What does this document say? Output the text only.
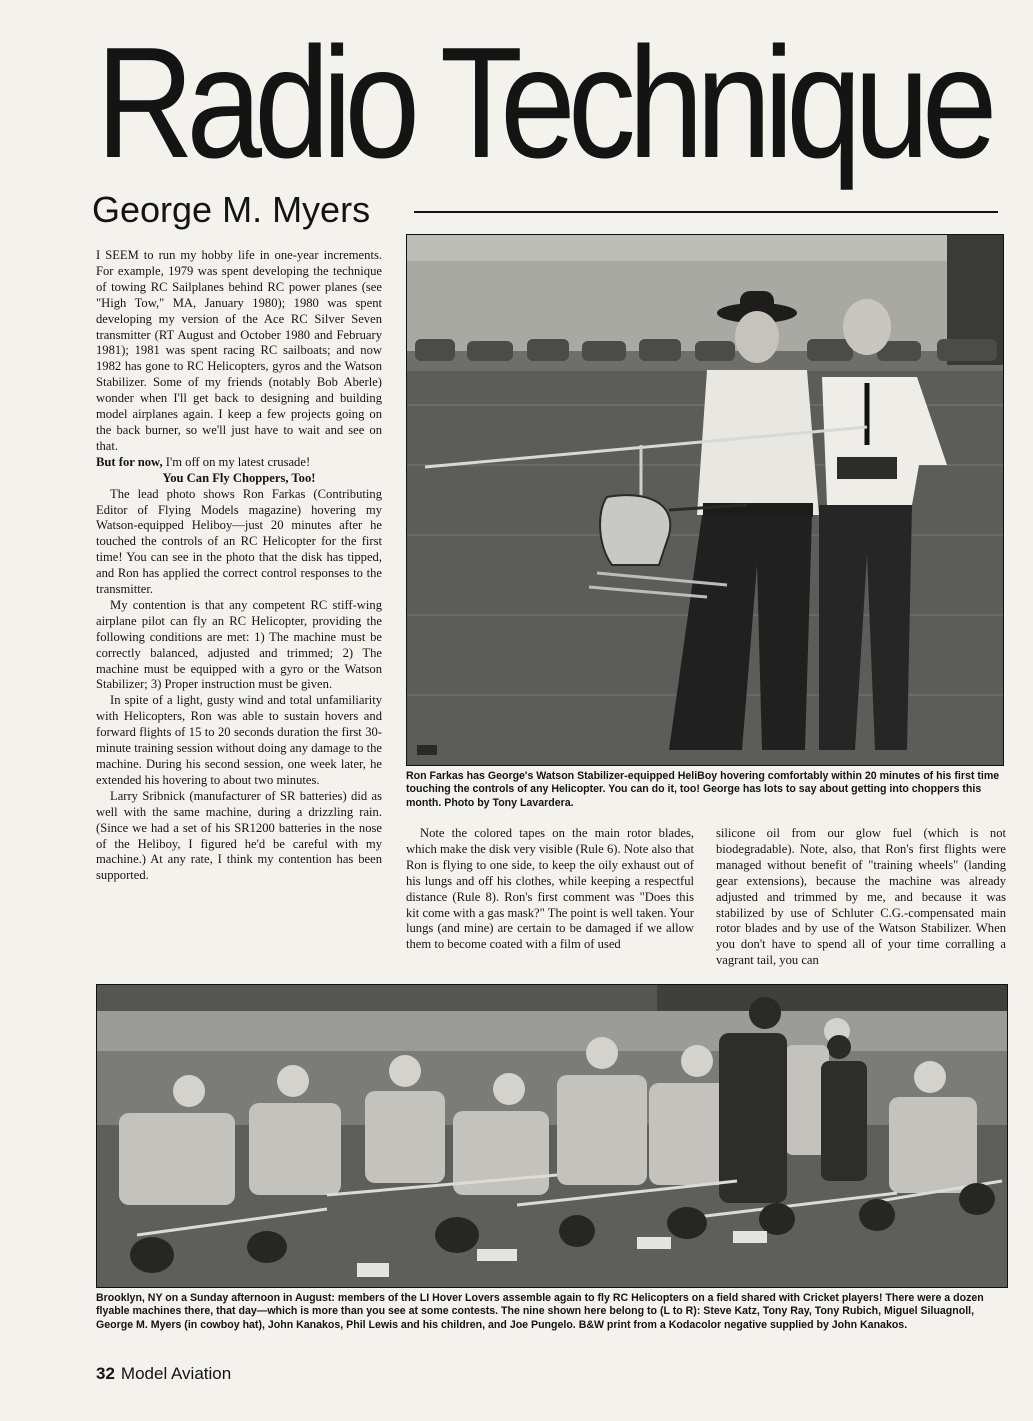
Radio Technique
George M. Myers

I SEEM to run my hobby life in one-year increments. For example, 1979 was spent developing the technique of towing RC Sailplanes behind RC power planes (see "High Tow," MA, January 1980); 1980 was spent developing my version of the Ace RC Silver Seven transmitter (RT August and October 1980 and February 1981); 1981 was spent racing RC sailboats; and now 1982 has gone to RC Helicopters, gyros and the Watson Stabilizer. Some of my friends (notably Bob Aberle) wonder when I'll get back to designing and building model airplanes again. I keep a few projects going on the back burner, so we'll just have to wait and see on that.

But for now, I'm off on my latest crusade!

You Can Fly Choppers, Too!

The lead photo shows Ron Farkas (Contributing Editor of Flying Models magazine) hovering my Watson-equipped Heliboy—just 20 minutes after he touched the controls of an RC Helicopter for the first time! You can see in the photo that the disk has tipped, and Ron has applied the correct control responses to the transmitter.

My contention is that any competent RC stiff-wing airplane pilot can fly an RC Helicopter, providing the following conditions are met: 1) The machine must be correctly balanced, adjusted and trimmed; 2) The machine must be equipped with a gyro or the Watson Stabilizer; 3) Proper instruction must be given.

In spite of a light, gusty wind and total unfamiliarity with Helicopters, Ron was able to sustain hovers and forward flights of 15 to 20 seconds duration the first 30-minute training session without doing any damage to the machine. During his second session, one week later, he extended his hovering to about two minutes.

Larry Sribnick (manufacturer of SR batteries) did as well with the same machine, during a drizzling rain. (Since we had a set of his SR1200 batteries in the nose of the Heliboy, I figured he'd be careful with my machine.) At any rate, I think my contention has been supported.

Ron Farkas has George's Watson Stabilizer-equipped HeliBoy hovering comfortably within 20 minutes of his first time touching the controls of any Helicopter. You can do it, too! George has lots to say about getting into choppers this month. Photo by Tony Lavardera.

Note the colored tapes on the main rotor blades, which make the disk very visible (Rule 6). Note also that Ron is flying to one side, to keep the oily exhaust out of his lungs and off his clothes, while keeping a respectful distance (Rule 8). Ron's first comment was "Does this kit come with a gas mask?" The point is well taken. Your lungs (and mine) are certain to be damaged if we allow them to become coated with a film of used

silicone oil from our glow fuel (which is not biodegradable). Note, also, that Ron's first flights were managed without benefit of "training wheels" (landing gear extensions), because the machine was already adjusted and trimmed by me, and because it was stabilized by use of Schluter C.G.-compensated main rotor blades and by use of the Watson Stabilizer. When you don't have to spend all of your time corralling a vagrant tail, you can

Brooklyn, NY on a Sunday afternoon in August: members of the LI Hover Lovers assemble again to fly RC Helicopters on a field shared with Cricket players! There were a dozen flyable machines there, that day—which is more than you see at some contests. The nine shown here belong to (L to R): Steve Katz, Tony Ray, Tony Rubich, Miguel Siluagnoll, George M. Myers (in cowboy hat), John Kanakos, Phil Lewis and his children, and Joe Pungelo. B&W print from a Kodacolor negative supplied by John Kanakos.
32 Model Aviation
